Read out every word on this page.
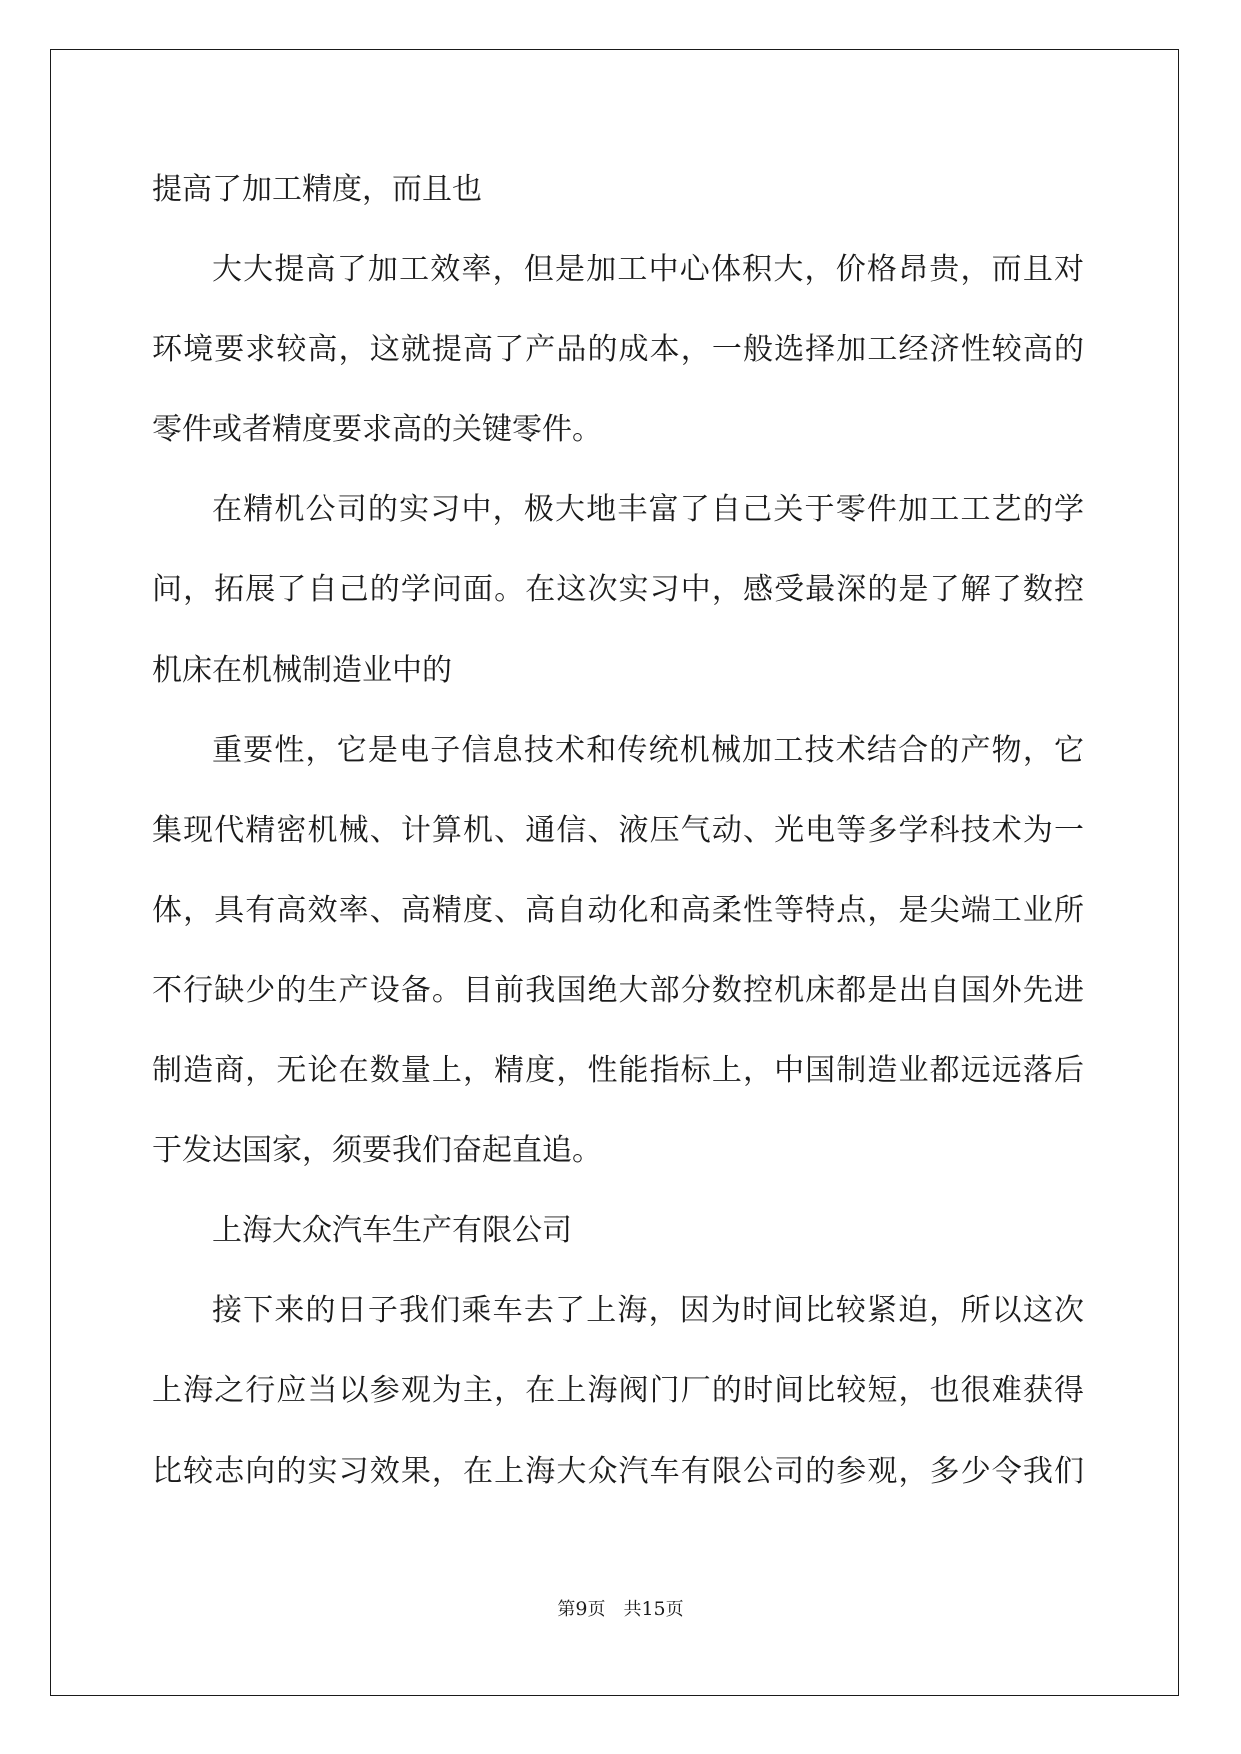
提高了加工精度，而且也
大大提高了加工效率，但是加工中心体积大，价格昂贵，而且对
环境要求较高，这就提高了产品的成本，一般选择加工经济性较高的
零件或者精度要求高的关键零件。
在精机公司的实习中，极大地丰富了自己关于零件加工工艺的学
问，拓展了自己的学问面。在这次实习中，感受最深的是了解了数控
机床在机械制造业中的
重要性，它是电子信息技术和传统机械加工技术结合的产物，它
集现代精密机械、计算机、通信、液压气动、光电等多学科技术为一
体，具有高效率、高精度、高自动化和高柔性等特点，是尖端工业所
不行缺少的生产设备。目前我国绝大部分数控机床都是出自国外先进
制造商，无论在数量上，精度，性能指标上，中国制造业都远远落后
于发达国家，须要我们奋起直追。
上海大众汽车生产有限公司
接下来的日子我们乘车去了上海，因为时间比较紧迫，所以这次
上海之行应当以参观为主，在上海阀门厂的时间比较短，也很难获得
比较志向的实习效果，在上海大众汽车有限公司的参观，多少令我们
第9页　共15页
